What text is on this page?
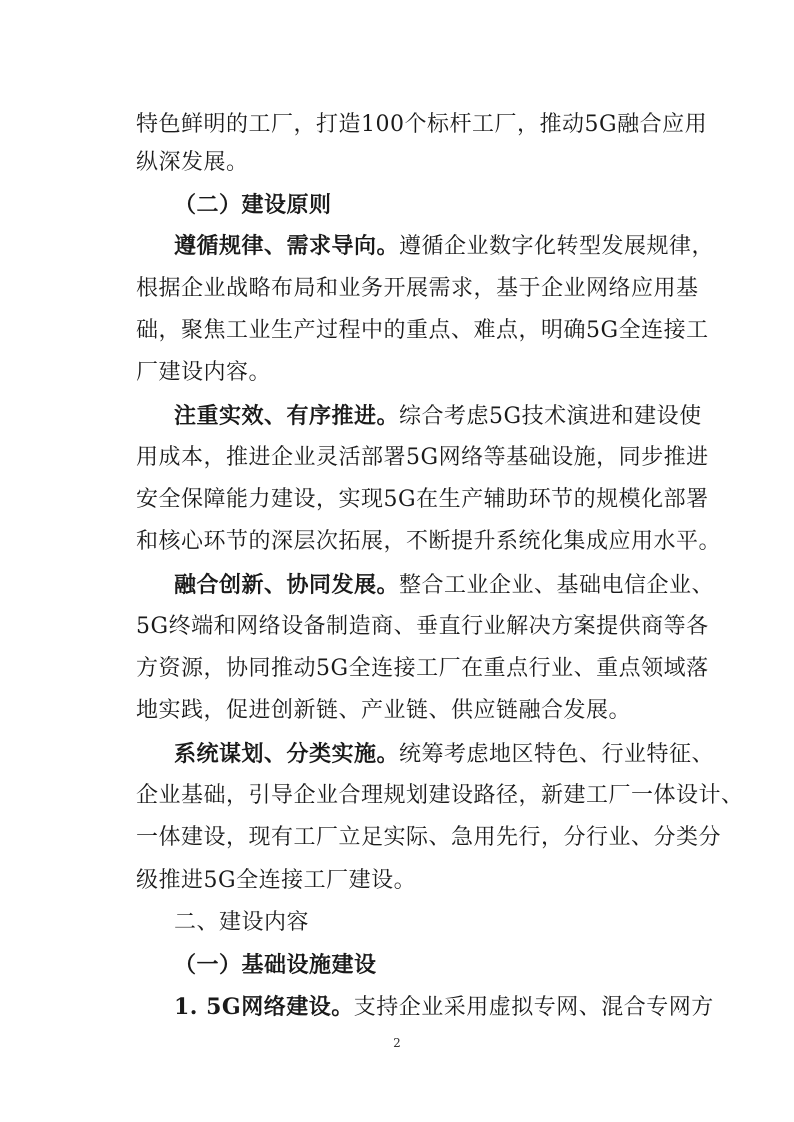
特色鲜明的工厂，打造100个标杆工厂，推动5G融合应用
纵深发展。
（二）建设原则
遵循规律、需求导向。遵循企业数字化转型发展规律，
根据企业战略布局和业务开展需求，基于企业网络应用基
础，聚焦工业生产过程中的重点、难点，明确5G全连接工
厂建设内容。
注重实效、有序推进。综合考虑5G技术演进和建设使
用成本，推进企业灵活部署5G网络等基础设施，同步推进
安全保障能力建设，实现5G在生产辅助环节的规模化部署
和核心环节的深层次拓展，不断提升系统化集成应用水平。
融合创新、协同发展。整合工业企业、基础电信企业、
5G终端和网络设备制造商、垂直行业解决方案提供商等各
方资源，协同推动5G全连接工厂在重点行业、重点领域落
地实践，促进创新链、产业链、供应链融合发展。
系统谋划、分类实施。统筹考虑地区特色、行业特征、
企业基础，引导企业合理规划建设路径，新建工厂一体设计、
一体建设，现有工厂立足实际、急用先行，分行业、分类分
级推进5G全连接工厂建设。
二、建设内容
（一）基础设施建设
1. 5G网络建设。支持企业采用虚拟专网、混合专网方
2
